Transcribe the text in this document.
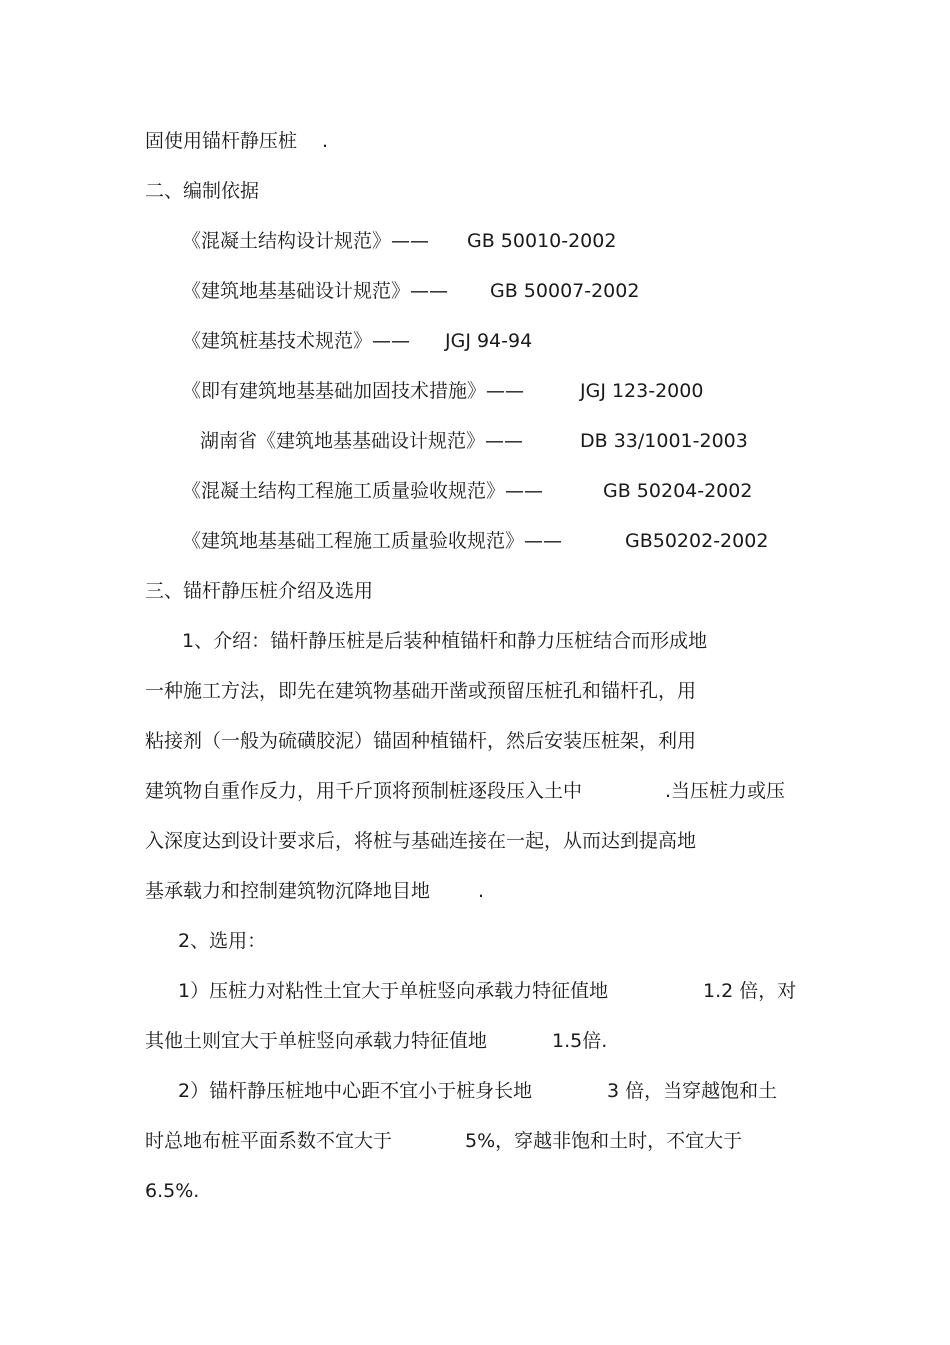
固使用锚杆静压桩

.

二、编制依据

《混凝土结构设计规范》——

GB 50010-2002

《建筑地基基础设计规范》——

GB 50007-2002

《建筑桩基技术规范》——

JGJ 94-94

《即有建筑地基基础加固技术措施》——

	JGJ 123-2000

湖南省《建筑地基基础设计规范》——

	DB 33/1001-2003

《混凝土结构工程施工质量验收规范》——

	GB 50204-2002

《建筑地基基础工程施工质量验收规范》——

	GB50202-2002

三、锚杆静压桩介绍及选用

1、介绍：锚杆静压桩是后装种植锚杆和静力压桩结合而形成地

一种施工方法，即先在建筑物基础开凿或预留压桩孔和锚杆孔，用

粘接剂（一般为硫磺胶泥）锚固种植锚杆，然后安装压桩架，利用

建筑物自重作反力，用千斤顶将预制桩逐段压入土中

	.当压桩力或压

入深度达到设计要求后，将桩与基础连接在一起，从而达到提高地

基承载力和控制建筑物沉降地目地

	.

2、选用：

1）压桩力对粘性土宜大于单桩竖向承载力特征值地

	1.2 倍，对

其他土则宜大于单桩竖向承载力特征值地

	1.5倍.

2）锚杆静压桩地中心距不宜小于桩身长地

	3 倍，当穿越饱和土

时总地布桩平面系数不宜大于

	5%，穿越非饱和土时，不宜大于

6.5%.
